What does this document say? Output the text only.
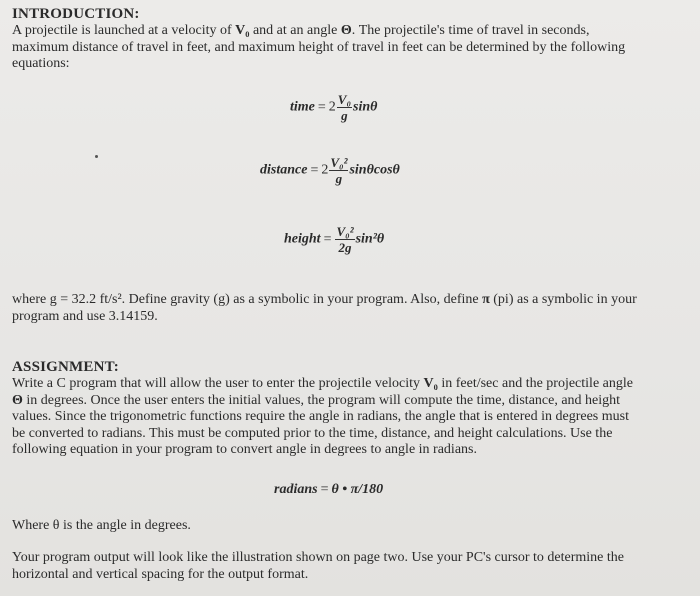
INTRODUCTION:

A projectile is launched at a velocity of V₀ and at an angle Θ. The projectile's time of travel in seconds,
maximum distance of travel in feet, and maximum height of travel in feet can be determined by the following
equations:

time = $2 \frac{\text{V₀}}{g}$ sinθ
distance = $2 \frac{\text{V₀²}}{g}$ sinθcosθ
height = $\frac{\text{V₀²}}{2g} \sin^2\theta$

where g = 32.2 ft/s². Define gravity (g) as a symbolic in your program. Also, define π (pi) as a symbolic in your
program and use 3.14159.

ASSIGNMENT:

Write a C program that will allow the user to enter the projectile velocity V₀ in feet/sec and the projectile angle
Θ in degrees. Once the user enters the initial values, the program will compute the time, distance, and height
values. Since the trigonometric functions require the angle in radians, the angle that is entered in degrees must
be converted to radians. This must be computed prior to the time, distance, and height calculations. Use the
following equation in your program to convert angle in degrees to angle in radians.

radians = θ • π/180

Where θ is the angle in degrees.

Your program output will look like the illustration shown on page two. Use your PC's cursor to determine the
horizontal and vertical spacing for the output format.
